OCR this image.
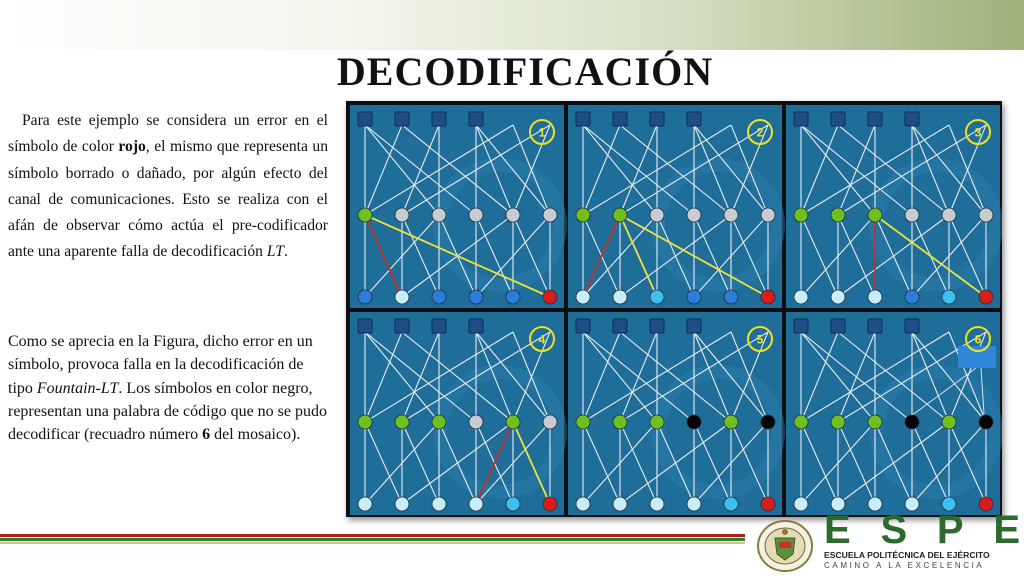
DECODIFICACIÓN
Para este ejemplo se considera un error en el símbolo de color rojo, el mismo que representa un símbolo borrado o dañado, por algún efecto del canal de comunicaciones. Esto se realiza con el afán de observar cómo actúa el pre-codificador ante una aparente falla de decodificación LT.
Como se aprecia en la Figura, dicho error en un símbolo, provoca falla en la decodificación de tipo Fountain-LT. Los símbolos en color negro, representan una palabra de código que no se pudo decodificar (recuadro número 6 del mosaico).
1	2	3
4	5	6
E S P E
ESCUELA POLITÉCNICA DEL EJÉRCITO
CAMINO A LA EXCELENCIA
